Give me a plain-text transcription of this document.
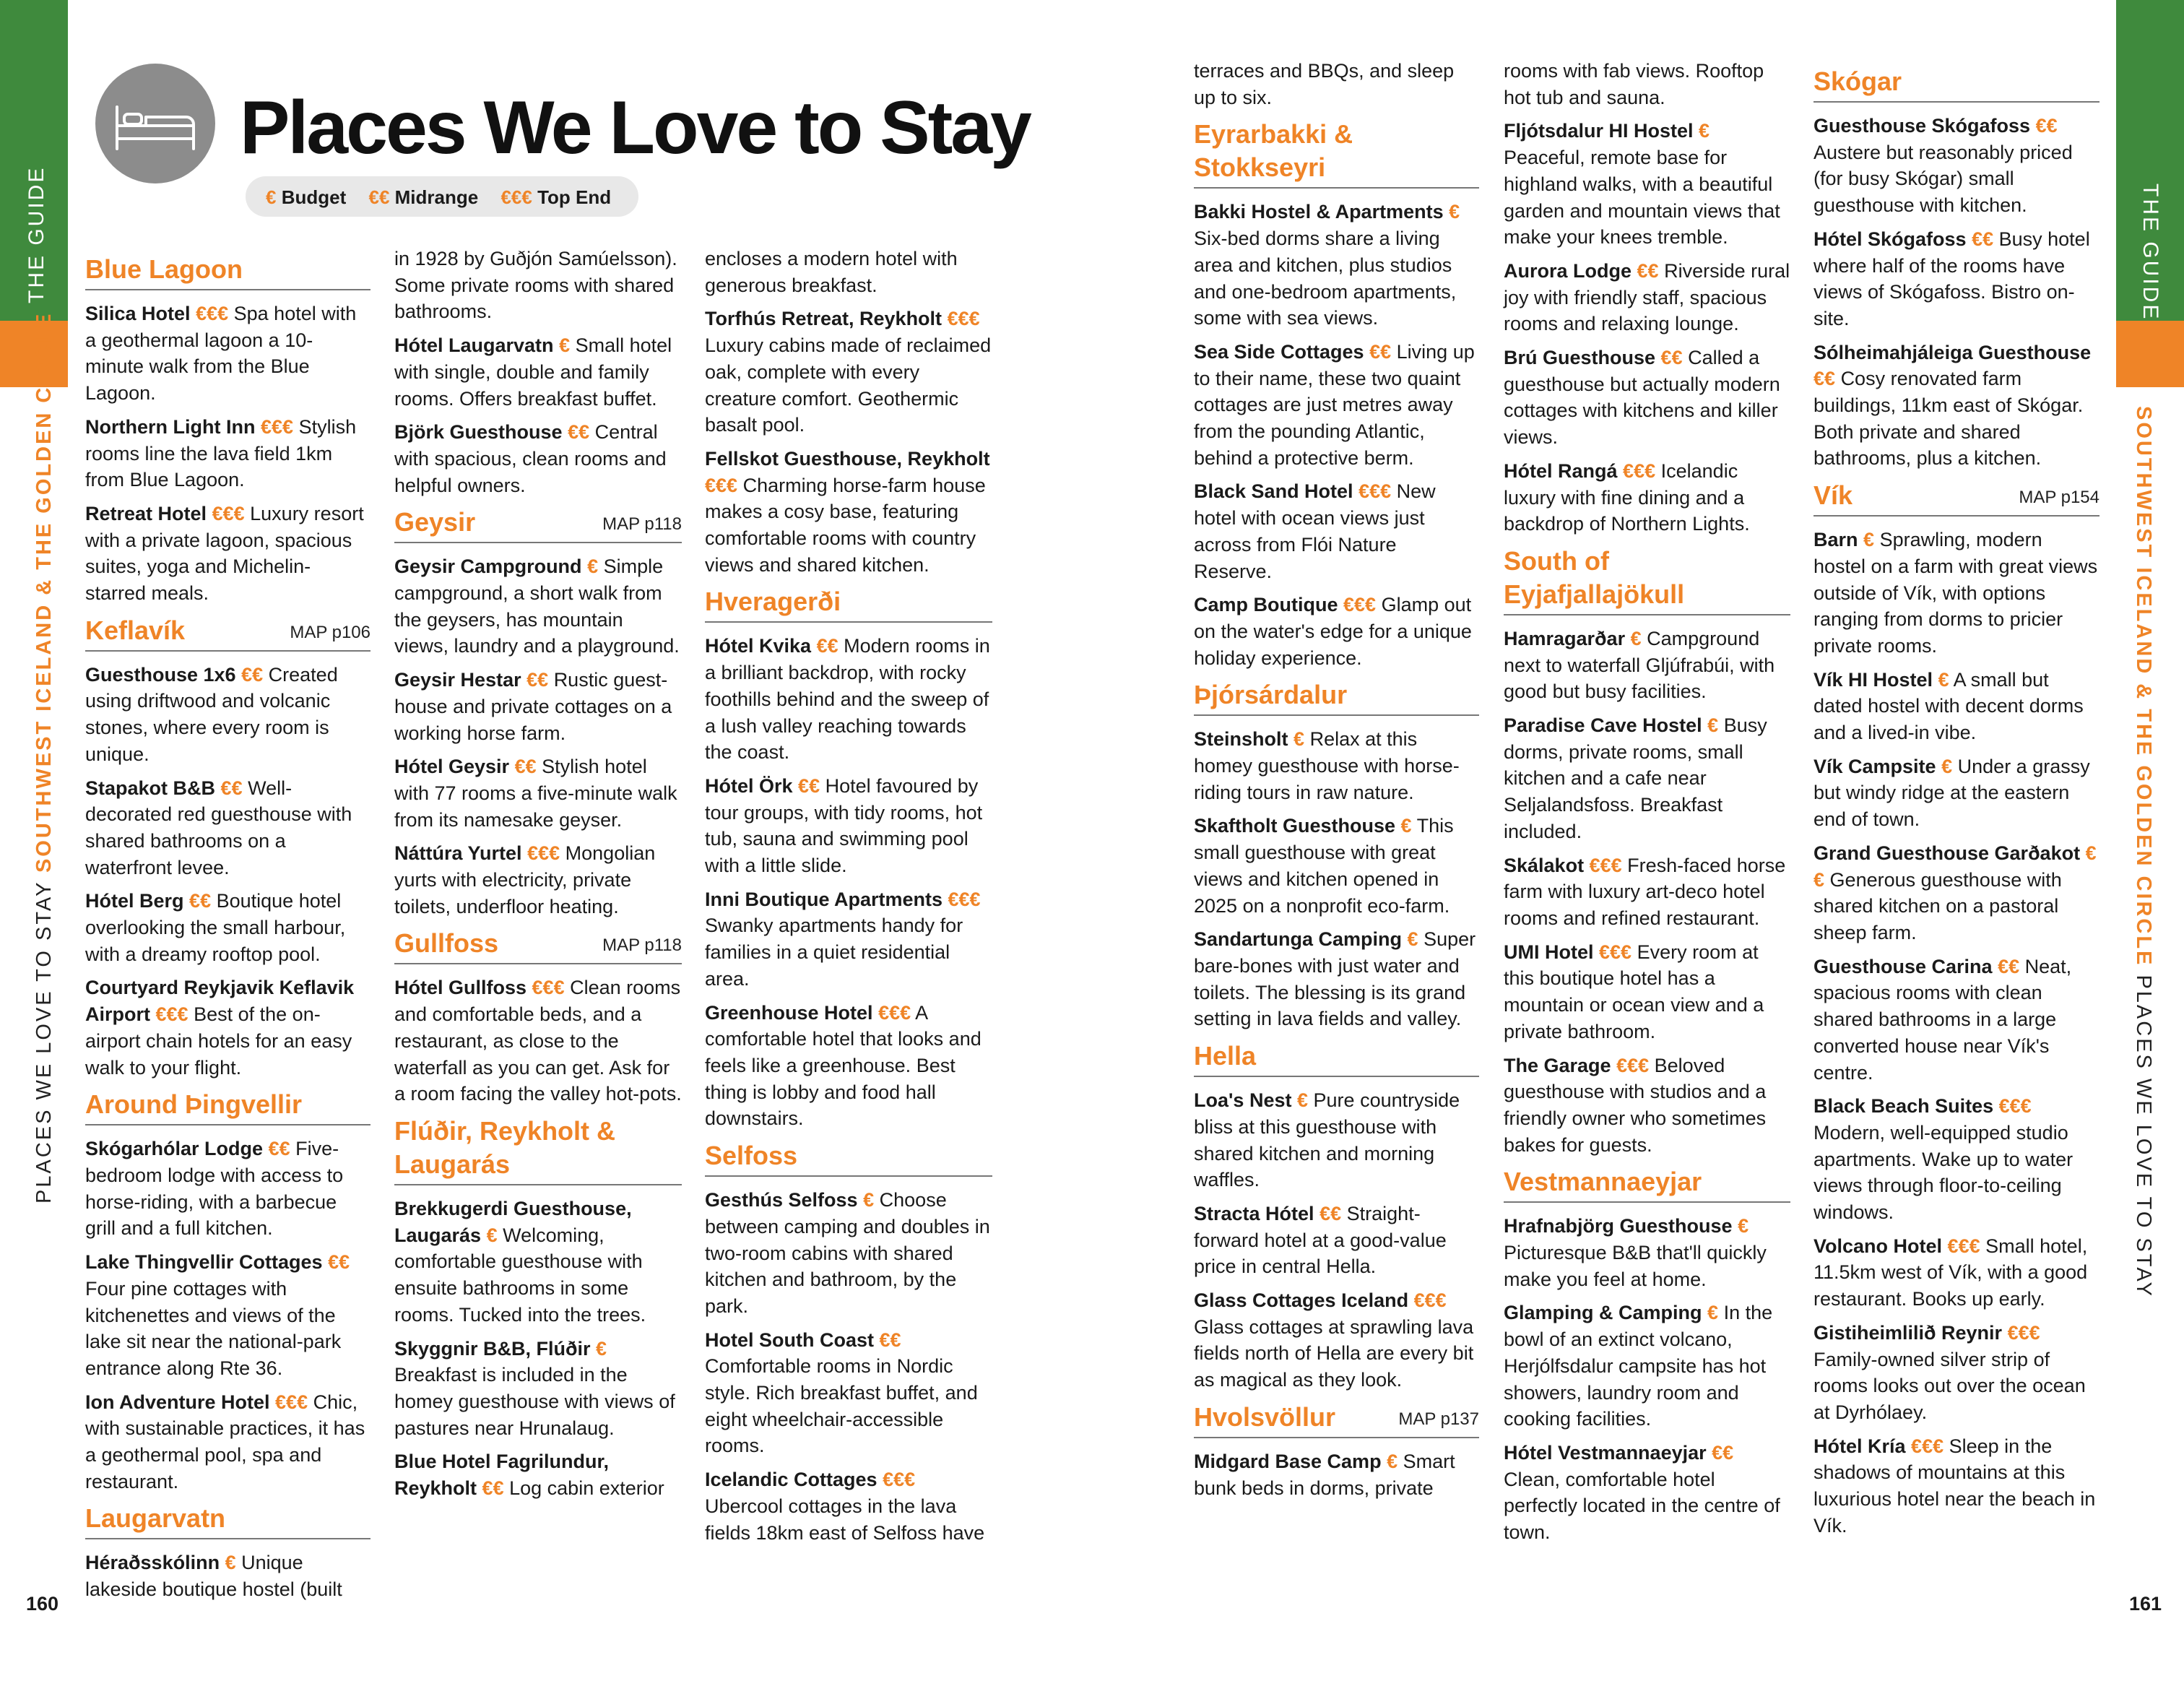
THE GUIDE
PLACES WE LOVE TO STAY SOUTHWEST ICELAND & THE GOLDEN CIRCLE
THE GUIDE
SOUTHWEST ICELAND & THE GOLDEN CIRCLE PLACES WE LOVE TO STAY
160	161
Places We Love to Stay
€ Budget €€ Midrange €€€ Top End
Blue Lagoon
Silica Hotel €€€ Spa hotel with a geothermal lagoon a 10-minute walk from the Blue Lagoon.
Northern Light Inn €€€ Stylish rooms line the lava field 1km from Blue Lagoon.
Retreat Hotel €€€ Luxury resort with a private lagoon, spacious suites, yoga and Michelin-starred meals.
Keflavík	MAP p106
Guesthouse 1x6 €€ Created using driftwood and volcanic stones, where every room is unique.
Stapakot B&B €€ Well-decorated red guesthouse with shared bathrooms on a waterfront levee.
Hótel Berg €€ Boutique hotel overlooking the small harbour, with a dreamy rooftop pool.
Courtyard Reykjavik Keflavik Airport €€€ Best of the on-airport chain hotels for an easy walk to your flight.
Around Þingvellir
Skógarhólar Lodge €€ Five-bedroom lodge with access to horse-riding, with a barbecue grill and a full kitchen.
Lake Thingvellir Cottages €€ Four pine cottages with kitchenettes and views of the lake sit near the national-park entrance along Rte 36.
Ion Adventure Hotel €€€ Chic, with sustainable practices, it has a geothermal pool, spa and restaurant.
Laugarvatn
Héraðsskólinn € Unique lakeside boutique hostel (built
in 1928 by Guðjón Samúelsson). Some private rooms with shared bathrooms.
Hótel Laugarvatn € Small hotel with single, double and family rooms. Offers breakfast buffet.
Björk Guesthouse €€ Central with spacious, clean rooms and helpful owners.
Geysir	MAP p118
Geysir Campground € Simple campground, a short walk from the geysers, has mountain views, laundry and a playground.
Geysir Hestar €€ Rustic guest-house and private cottages on a working horse farm.
Hótel Geysir €€ Stylish hotel with 77 rooms a five-minute walk from its namesake geyser.
Náttúra Yurtel €€€ Mongolian yurts with electricity, private toilets, underfloor heating.
Gullfoss	MAP p118
Hótel Gullfoss €€€ Clean rooms and comfortable beds, and a restaurant, as close to the waterfall as you can get. Ask for a room facing the valley hot-pots.
Flúðir, Reykholt & Laugarás
Brekkugerdi Guesthouse, Laugarás € Welcoming, comfortable guesthouse with ensuite bathrooms in some rooms. Tucked into the trees.
Skyggnir B&B, Flúðir € Breakfast is included in the homey guesthouse with views of pastures near Hrunalaug.
Blue Hotel Fagrilundur, Reykholt €€ Log cabin exterior
encloses a modern hotel with generous breakfast.
Torfhús Retreat, Reykholt €€€ Luxury cabins made of reclaimed oak, complete with every creature comfort. Geothermic basalt pool.
Fellskot Guesthouse, Reykholt €€€ Charming horse-farm house makes a cosy base, featuring comfortable rooms with country views and shared kitchen.
Hveragerði
Hótel Kvika €€ Modern rooms in a brilliant backdrop, with rocky foothills behind and the sweep of a lush valley reaching towards the coast.
Hótel Örk €€ Hotel favoured by tour groups, with tidy rooms, hot tub, sauna and swimming pool with a little slide.
Inni Boutique Apartments €€€ Swanky apartments handy for families in a quiet residential area.
Greenhouse Hotel €€€ A comfortable hotel that looks and feels like a greenhouse. Best thing is lobby and food hall downstairs.
Selfoss
Gesthús Selfoss € Choose between camping and doubles in two-room cabins with shared kitchen and bathroom, by the park.
Hotel South Coast €€ Comfortable rooms in Nordic style. Rich breakfast buffet, and eight wheelchair-accessible rooms.
Icelandic Cottages €€€ Ubercool cottages in the lava fields 18km east of Selfoss have
terraces and BBQs, and sleep up to six.
Eyrarbakki & Stokkseyri
Bakki Hostel & Apartments € Six-bed dorms share a living area and kitchen, plus studios and one-bedroom apartments, some with sea views.
Sea Side Cottages €€ Living up to their name, these two quaint cottages are just metres away from the pounding Atlantic, behind a protective berm.
Black Sand Hotel €€€ New hotel with ocean views just across from Flói Nature Reserve.
Camp Boutique €€€ Glamp out on the water's edge for a unique holiday experience.
Þjórsárdalur
Steinsholt € Relax at this homey guesthouse with horse-riding tours in raw nature.
Skaftholt Guesthouse € This small guesthouse with great views and kitchen opened in 2025 on a nonprofit eco-farm.
Sandartunga Camping € Super bare-bones with just water and toilets. The blessing is its grand setting in lava fields and valley.
Hella
Loa's Nest € Pure countryside bliss at this guesthouse with shared kitchen and morning waffles.
Stracta Hótel €€ Straight-forward hotel at a good-value price in central Hella.
Glass Cottages Iceland €€€ Glass cottages at sprawling lava fields north of Hella are every bit as magical as they look.
Hvolsvöllur	MAP p137
Midgard Base Camp € Smart bunk beds in dorms, private
rooms with fab views. Rooftop hot tub and sauna.
Fljótsdalur HI Hostel € Peaceful, remote base for highland walks, with a beautiful garden and mountain views that make your knees tremble.
Aurora Lodge €€ Riverside rural joy with friendly staff, spacious rooms and relaxing lounge.
Brú Guesthouse €€ Called a guesthouse but actually modern cottages with kitchens and killer views.
Hótel Rangá €€€ Icelandic luxury with fine dining and a backdrop of Northern Lights.
South of Eyjafjallajökull
Hamragarðar € Campground next to waterfall Gljúfrabúi, with good but busy facilities.
Paradise Cave Hostel € Busy dorms, private rooms, small kitchen and a cafe near Seljalandsfoss. Breakfast included.
Skálakot €€€ Fresh-faced horse farm with luxury art-deco hotel rooms and refined restaurant.
UMI Hotel €€€ Every room at this boutique hotel has a mountain or ocean view and a private bathroom.
The Garage €€€ Beloved guesthouse with studios and a friendly owner who sometimes bakes for guests.
Vestmannaeyjar
Hrafnabjörg Guesthouse € Picturesque B&B that'll quickly make you feel at home.
Glamping & Camping € In the bowl of an extinct volcano, Herjólfsdalur campsite has hot showers, laundry room and cooking facilities.
Hótel Vestmannaeyjar €€ Clean, comfortable hotel perfectly located in the centre of town.
Skógar
Guesthouse Skógafoss €€ Austere but reasonably priced (for busy Skógar) small guesthouse with kitchen.
Hótel Skógafoss €€ Busy hotel where half of the rooms have views of Skógafoss. Bistro on-site.
Sólheimahjáleiga Guesthouse €€ Cosy renovated farm buildings, 11km east of Skógar. Both private and shared bathrooms, plus a kitchen.
Vík	MAP p154
Barn € Sprawling, modern hostel on a farm with great views outside of Vík, with options ranging from dorms to pricier private rooms.
Vík HI Hostel € A small but dated hostel with decent dorms and a lived-in vibe.
Vík Campsite € Under a grassy but windy ridge at the eastern end of town.
Grand Guesthouse Garðakot €€ Generous guesthouse with shared kitchen on a pastoral sheep farm.
Guesthouse Carina €€ Neat, spacious rooms with clean shared bathrooms in a large converted house near Vík's centre.
Black Beach Suites €€€ Modern, well-equipped studio apartments. Wake up to water views through floor-to-ceiling windows.
Volcano Hotel €€€ Small hotel, 11.5km west of Vík, with a good restaurant. Books up early.
Gistiheimlilið Reynir €€€ Family-owned silver strip of rooms looks out over the ocean at Dyrhólaey.
Hótel Kría €€€ Sleep in the shadows of mountains at this luxurious hotel near the beach in Vík.
